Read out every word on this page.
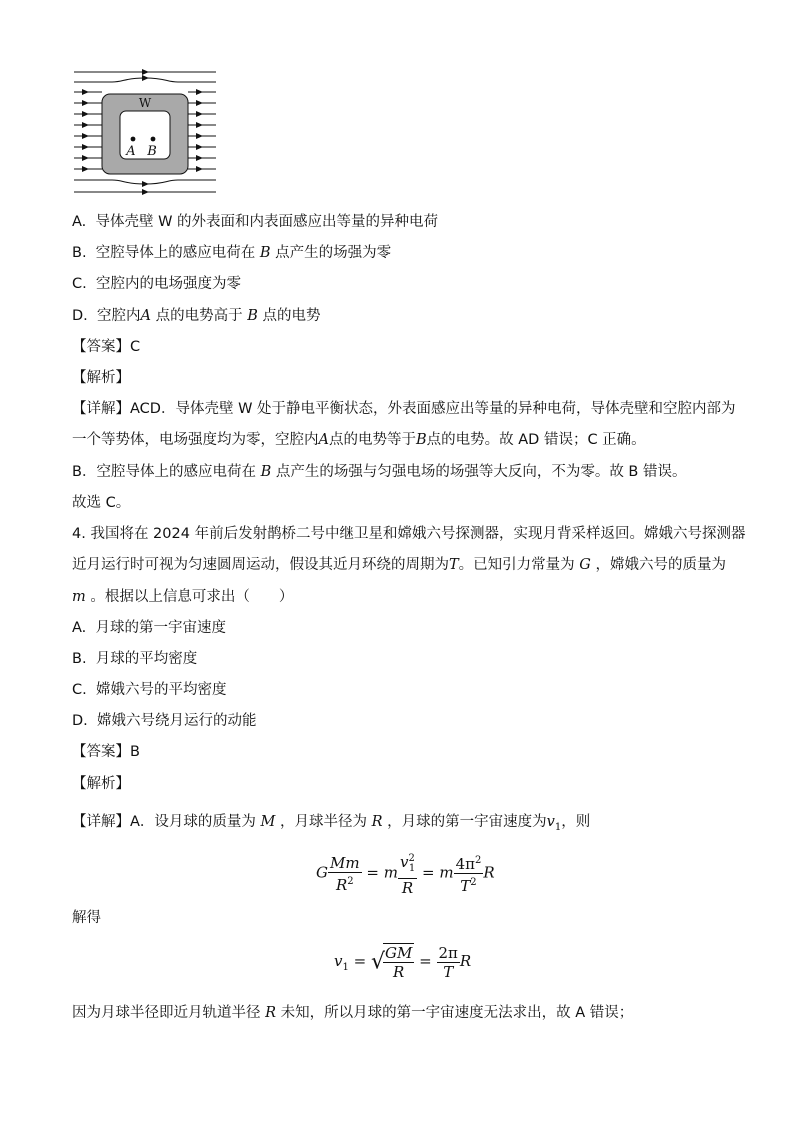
W
A B
A. 导体壳壁 W 的外表面和内表面感应出等量的异种电荷
B. 空腔导体上的感应电荷在 B 点产生的场强为零
C. 空腔内的电场强度为零
D. 空腔内A 点的电势高于 B 点的电势
【答案】C
【解析】
【详解】ACD．导体壳壁 W 处于静电平衡状态，外表面感应出等量的异种电荷，导体壳壁和空腔内部为
一个等势体，电场强度均为零，空腔内A点的电势等于B点的电势。故 AD 错误；C 正确。
B．空腔导体上的感应电荷在 B 点产生的场强与匀强电场的场强等大反向，不为零。故 B 错误。
故选 C。
4. 我国将在 2024 年前后发射鹊桥二号中继卫星和嫦娥六号探测器，实现月背采样返回。嫦娥六号探测器
近月运行时可视为匀速圆周运动，假设其近月环绕的周期为T。已知引力常量为 G ，嫦娥六号的质量为
m 。根据以上信息可求出（　　）
A. 月球的第一宇宙速度
B. 月球的平均密度
C. 嫦娥六号的平均密度
D. 嫦娥六号绕月运行的动能
【答案】B
【解析】
【详解】A．设月球的质量为 M ，月球半径为 R ，月球的第一宇宙速度为$v_1$，则
G $\frac{Mm}{R^2} = m \frac{v^2_1}{R} = m \frac{4\pi^2}{T^2}$ R
解得
$v_1$ = √
$\frac{GM}{R} = \frac{2\pi}{T}$ R
因为月球半径即近月轨道半径 R 未知，所以月球的第一宇宙速度无法求出，故 A 错误；
